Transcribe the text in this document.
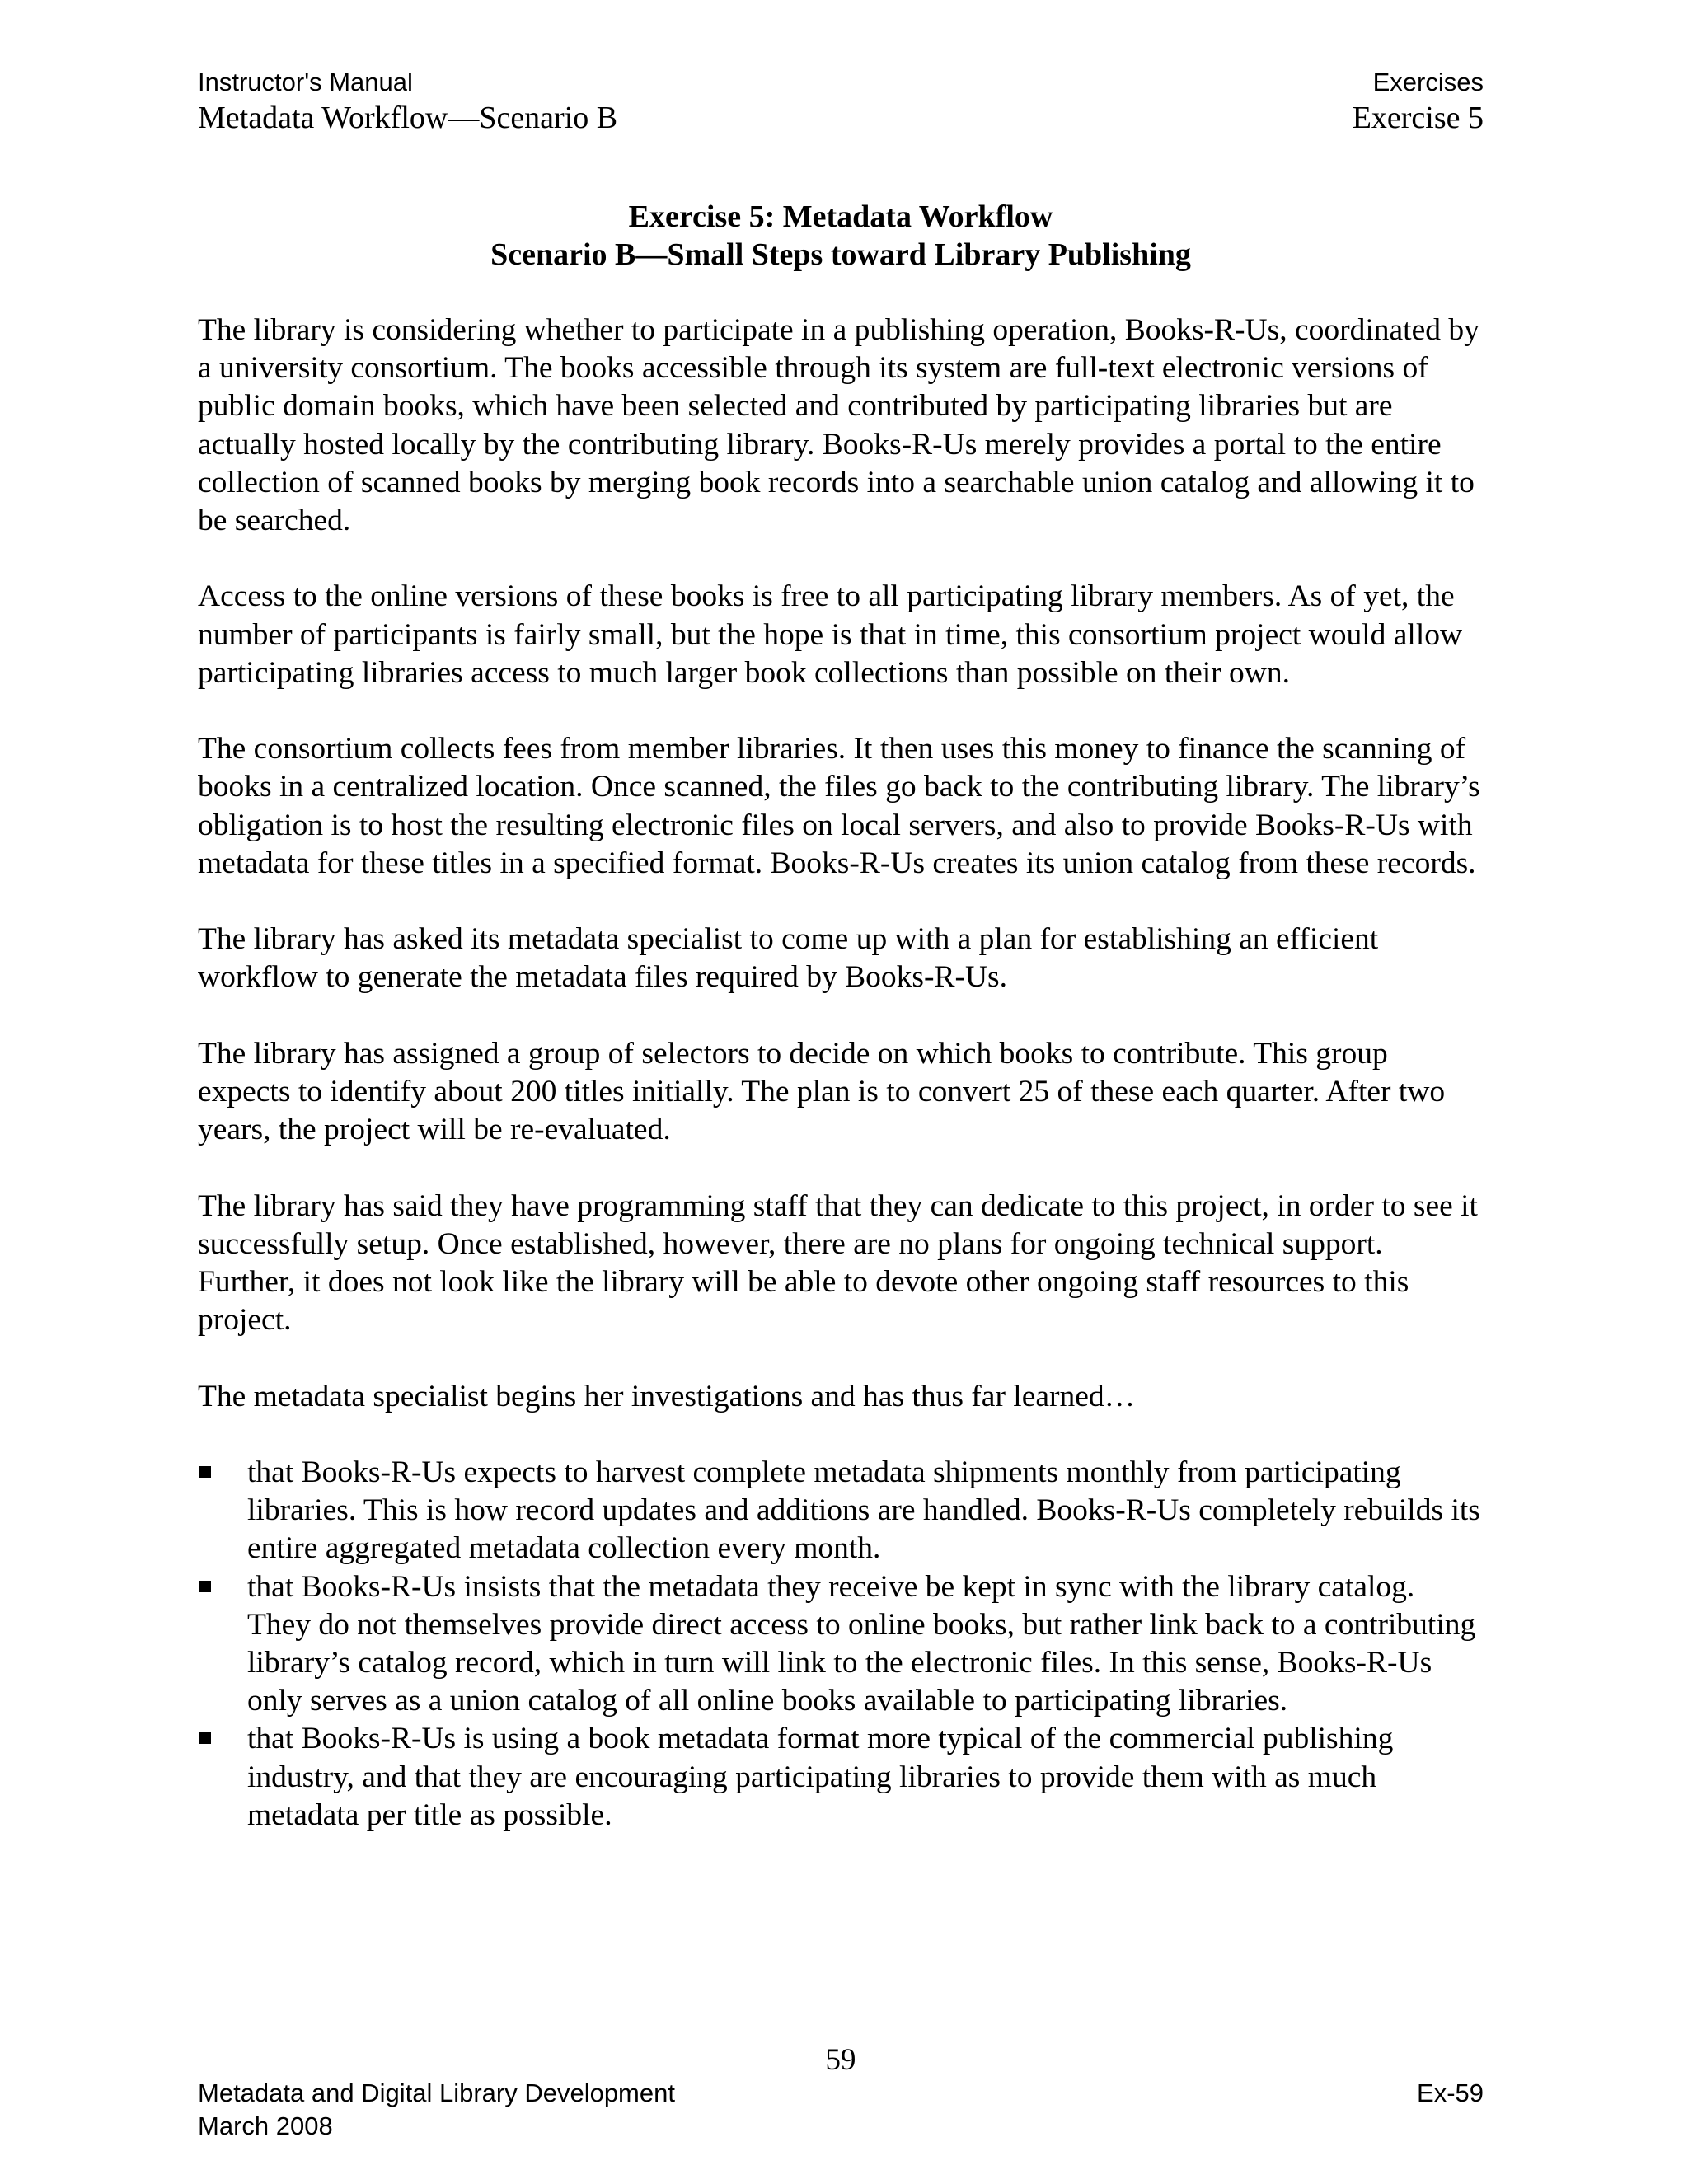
Instructor's Manual	Exercises
Metadata Workflow—Scenario B	Exercise 5
Exercise 5: Metadata Workflow
Scenario B—Small Steps toward Library Publishing

The library is considering whether to participate in a publishing operation, Books-R-Us, coordinated by a university consortium. The books accessible through its system are full-text electronic versions of public domain books, which have been selected and contributed by participating libraries but are actually hosted locally by the contributing library. Books-R-Us merely provides a portal to the entire collection of scanned books by merging book records into a searchable union catalog and allowing it to be searched.

Access to the online versions of these books is free to all participating library members. As of yet, the number of participants is fairly small, but the hope is that in time, this consortium project would allow participating libraries access to much larger book collections than possible on their own.

The consortium collects fees from member libraries. It then uses this money to finance the scanning of books in a centralized location. Once scanned, the files go back to the contributing library. The library’s obligation is to host the resulting electronic files on local servers, and also to provide Books-R-Us with metadata for these titles in a specified format. Books-R-Us creates its union catalog from these records.

The library has asked its metadata specialist to come up with a plan for establishing an efficient workflow to generate the metadata files required by Books-R-Us.

The library has assigned a group of selectors to decide on which books to contribute. This group expects to identify about 200 titles initially. The plan is to convert 25 of these each quarter. After two years, the project will be re-evaluated.

The library has said they have programming staff that they can dedicate to this project, in order to see it successfully setup. Once established, however, there are no plans for ongoing technical support. Further, it does not look like the library will be able to devote other ongoing staff resources to this project.

The metadata specialist begins her investigations and has thus far learned…

that Books-R-Us expects to harvest complete metadata shipments monthly from participating libraries. This is how record updates and additions are handled. Books-R-Us completely rebuilds its entire aggregated metadata collection every month.
that Books-R-Us insists that the metadata they receive be kept in sync with the library catalog. They do not themselves provide direct access to online books, but rather link back to a contributing library’s catalog record, which in turn will link to the electronic files. In this sense, Books-R-Us only serves as a union catalog of all online books available to participating libraries.
that Books-R-Us is using a book metadata format more typical of the commercial publishing industry, and that they are encouraging participating libraries to provide them with as much metadata per title as possible.
59
Metadata and Digital Library Development	Ex-59
March 2008
